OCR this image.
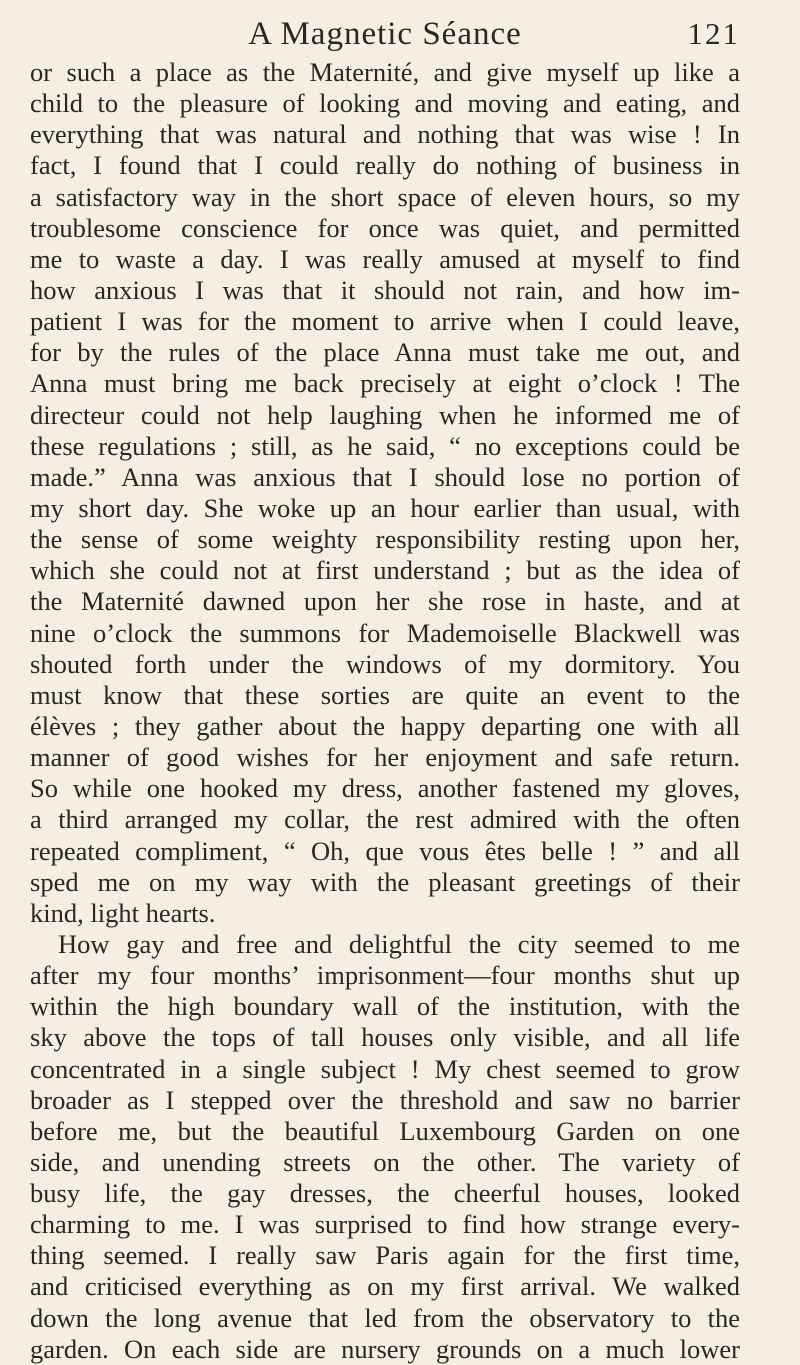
A Magnetic Séance	121
or such a place as the Maternité, and give myself up like a
child to the pleasure of looking and moving and eating, and
everything that was natural and nothing that was wise ! In
fact, I found that I could really do nothing of business in
a satisfactory way in the short space of eleven hours, so my
troublesome conscience for once was quiet, and permitted
me to waste a day. I was really amused at myself to find
how anxious I was that it should not rain, and how im-
patient I was for the moment to arrive when I could leave,
for by the rules of the place Anna must take me out, and
Anna must bring me back precisely at eight o’clock ! The
directeur could not help laughing when he informed me of
these regulations ; still, as he said, “ no exceptions could be
made.” Anna was anxious that I should lose no portion of
my short day. She woke up an hour earlier than usual, with
the sense of some weighty responsibility resting upon her,
which she could not at first understand ; but as the idea of
the Maternité dawned upon her she rose in haste, and at
nine o’clock the summons for Mademoiselle Blackwell was
shouted forth under the windows of my dormitory. You
must know that these sorties are quite an event to the
élèves ; they gather about the happy departing one with all
manner of good wishes for her enjoyment and safe return.
So while one hooked my dress, another fastened my gloves,
a third arranged my collar, the rest admired with the often
repeated compliment, “ Oh, que vous êtes belle ! ” and all
sped me on my way with the pleasant greetings of their
kind, light hearts.
How gay and free and delightful the city seemed to me
after my four months’ imprisonment—four months shut up
within the high boundary wall of the institution, with the
sky above the tops of tall houses only visible, and all life
concentrated in a single subject ! My chest seemed to grow
broader as I stepped over the threshold and saw no barrier
before me, but the beautiful Luxembourg Garden on one
side, and unending streets on the other. The variety of
busy life, the gay dresses, the cheerful houses, looked
charming to me. I was surprised to find how strange every-
thing seemed. I really saw Paris again for the first time,
and criticised everything as on my first arrival. We walked
down the long avenue that led from the observatory to the
garden. On each side are nursery grounds on a much lower
